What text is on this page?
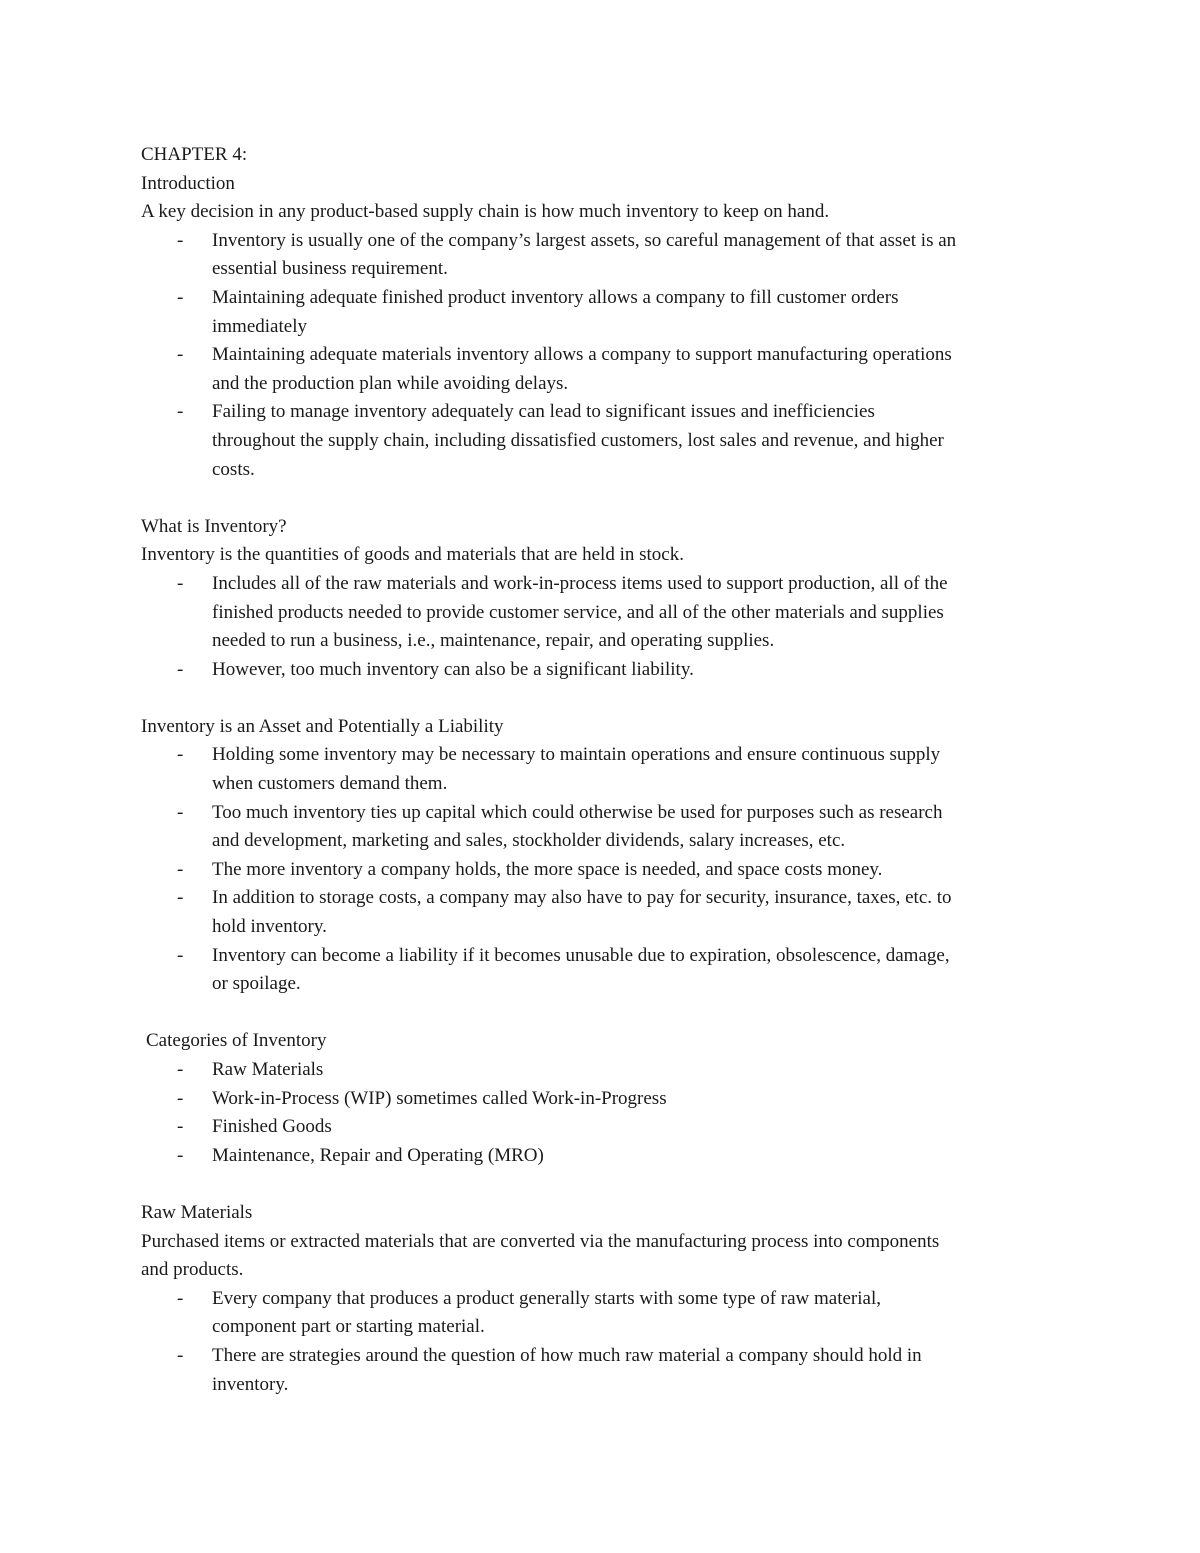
CHAPTER 4:

Introduction

A key decision in any product-based supply chain is how much inventory to keep on hand.

- Inventory is usually one of the company’s largest assets, so careful management of that asset is an
essential business requirement.
- Maintaining adequate finished product inventory allows a company to fill customer orders
immediately
- Maintaining adequate materials inventory allows a company to support manufacturing operations
and the production plan while avoiding delays.
- Failing to manage inventory adequately can lead to significant issues and inefficiencies
throughout the supply chain, including dissatisfied customers, lost sales and revenue, and higher
costs.

What is Inventory?

Inventory is the quantities of goods and materials that are held in stock.

- Includes all of the raw materials and work-in-process items used to support production, all of the
finished products needed to provide customer service, and all of the other materials and supplies
needed to run a business, i.e., maintenance, repair, and operating supplies.
- However, too much inventory can also be a significant liability.

Inventory is an Asset and Potentially a Liability

- Holding some inventory may be necessary to maintain operations and ensure continuous supply
when customers demand them.
- Too much inventory ties up capital which could otherwise be used for purposes such as research
and development, marketing and sales, stockholder dividends, salary increases, etc.
- The more inventory a company holds, the more space is needed, and space costs money.
- In addition to storage costs, a company may also have to pay for security, insurance, taxes, etc. to
hold inventory.
- Inventory can become a liability if it becomes unusable due to expiration, obsolescence, damage,
or spoilage.

Categories of Inventory

- Raw Materials
- Work-in-Process (WIP) sometimes called Work-in-Progress
- Finished Goods
- Maintenance, Repair and Operating (MRO)

Raw Materials

Purchased items or extracted materials that are converted via the manufacturing process into components

and products.

- Every company that produces a product generally starts with some type of raw material,
component part or starting material.
- There are strategies around the question of how much raw material a company should hold in
inventory.
